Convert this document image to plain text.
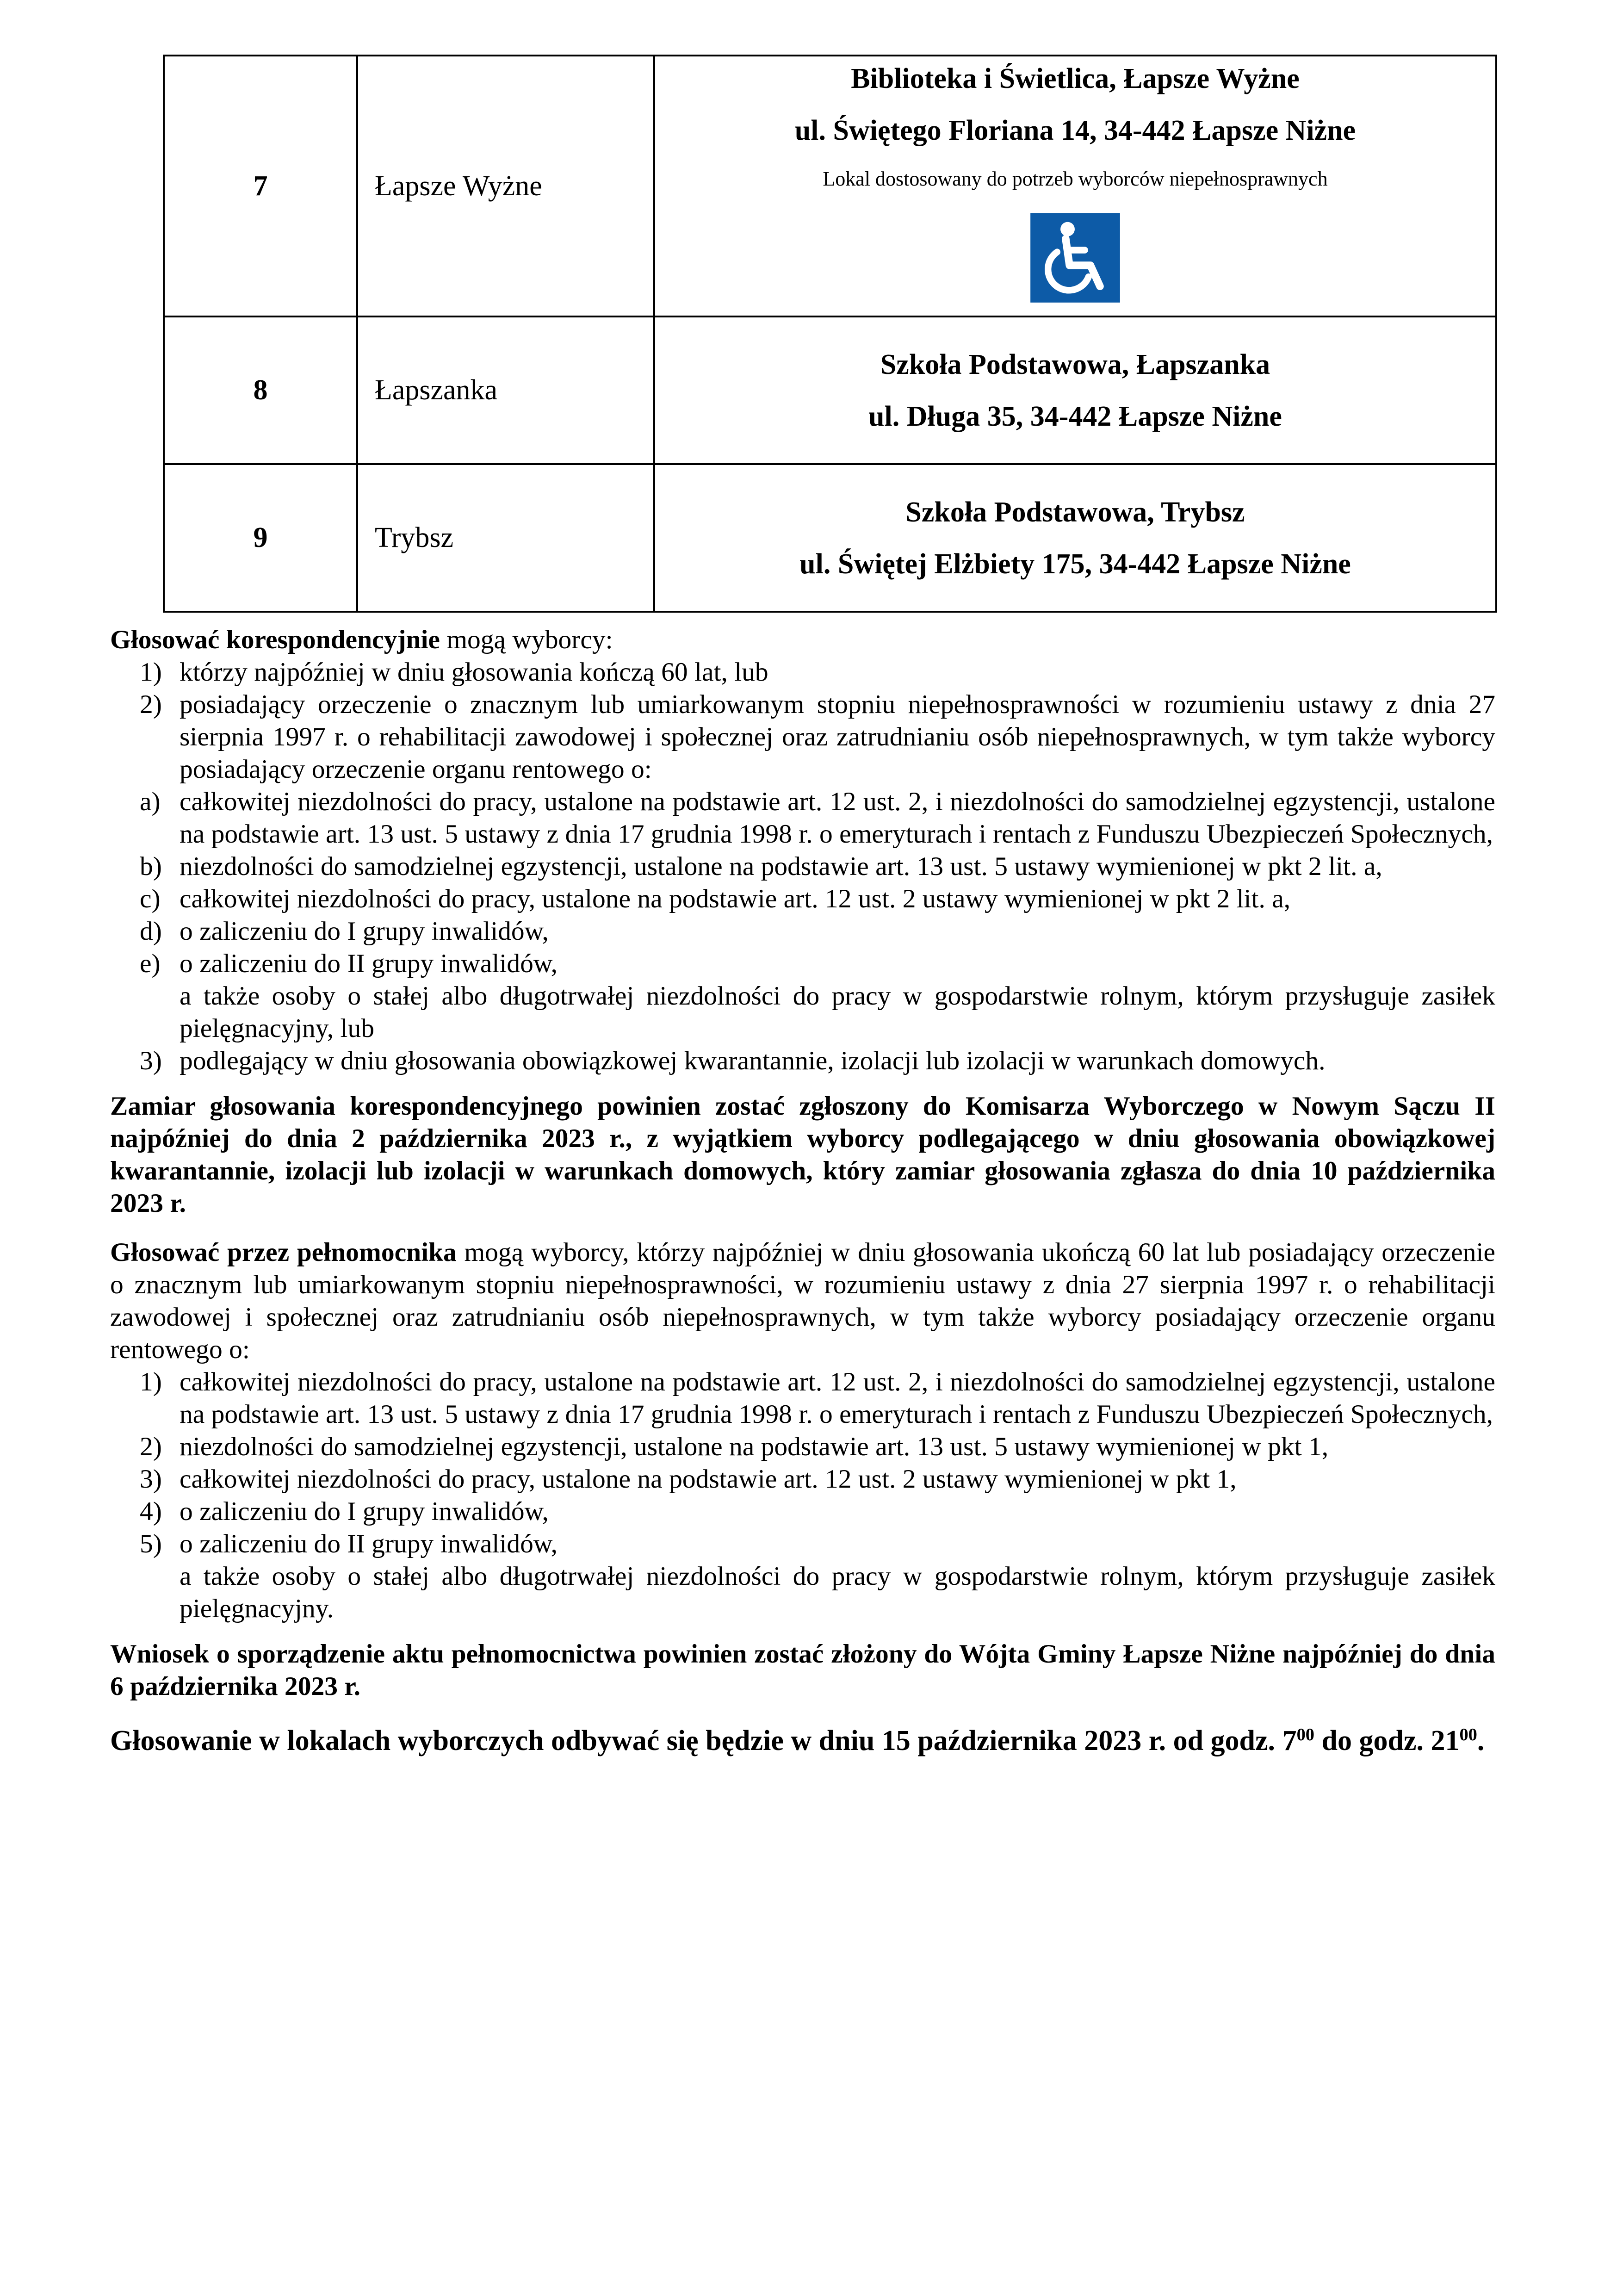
7	Łapsze Wyżne	Biblioteka i Świetlica, Łapsze Wyżne
ul. Świętego Floriana 14, 34-442 Łapsze Niżne
Lokal dostosowany do potrzeb wyborców niepełnosprawnych

8	Łapszanka	Szkoła Podstawowa, Łapszanka
ul. Długa 35, 34-442 Łapsze Niżne

9	Trybsz	Szkoła Podstawowa, Trybsz
ul. Świętej Elżbiety 175, 34-442 Łapsze Niżne

Głosować korespondencyjnie mogą wyborcy:

1) którzy najpóźniej w dniu głosowania kończą 60 lat, lub
2) posiadający orzeczenie o znacznym lub umiarkowanym stopniu niepełnosprawności w rozumieniu ustawy z dnia 27 sierpnia 1997 r. o rehabilitacji zawodowej i społecznej oraz zatrudnianiu osób niepełnosprawnych, w tym także wyborcy posiadający orzeczenie organu rentowego o:
a) całkowitej niezdolności do pracy, ustalone na podstawie art. 12 ust. 2, i niezdolności do samodzielnej egzystencji, ustalone na podstawie art. 13 ust. 5 ustawy z dnia 17 grudnia 1998 r. o emeryturach i rentach z Funduszu Ubezpieczeń Społecznych,
b) niezdolności do samodzielnej egzystencji, ustalone na podstawie art. 13 ust. 5 ustawy wymienionej w pkt 2 lit. a,
c) całkowitej niezdolności do pracy, ustalone na podstawie art. 12 ust. 2 ustawy wymienionej w pkt 2 lit. a,
d) o zaliczeniu do I grupy inwalidów,
e) o zaliczeniu do II grupy inwalidów,
a także osoby o stałej albo długotrwałej niezdolności do pracy w gospodarstwie rolnym, którym przysługuje zasiłek pielęgnacyjny, lub
3) podlegający w dniu głosowania obowiązkowej kwarantannie, izolacji lub izolacji w warunkach domowych.

Zamiar głosowania korespondencyjnego powinien zostać zgłoszony do Komisarza Wyborczego w Nowym Sączu II najpóźniej do dnia 2 października 2023 r., z wyjątkiem wyborcy podlegającego w dniu głosowania obowiązkowej kwarantannie, izolacji lub izolacji w warunkach domowych, który zamiar głosowania zgłasza do dnia 10 października 2023 r.

Głosować przez pełnomocnika mogą wyborcy, którzy najpóźniej w dniu głosowania ukończą 60 lat lub posiadający orzeczenie o znacznym lub umiarkowanym stopniu niepełnosprawności, w rozumieniu ustawy z dnia 27 sierpnia 1997 r. o rehabilitacji zawodowej i społecznej oraz zatrudnianiu osób niepełnosprawnych, w tym także wyborcy posiadający orzeczenie organu rentowego o:

1) całkowitej niezdolności do pracy, ustalone na podstawie art. 12 ust. 2, i niezdolności do samodzielnej egzystencji, ustalone na podstawie art. 13 ust. 5 ustawy z dnia 17 grudnia 1998 r. o emeryturach i rentach z Funduszu Ubezpieczeń Społecznych,
2) niezdolności do samodzielnej egzystencji, ustalone na podstawie art. 13 ust. 5 ustawy wymienionej w pkt 1,
3) całkowitej niezdolności do pracy, ustalone na podstawie art. 12 ust. 2 ustawy wymienionej w pkt 1,
4) o zaliczeniu do I grupy inwalidów,
5) o zaliczeniu do II grupy inwalidów,
a także osoby o stałej albo długotrwałej niezdolności do pracy w gospodarstwie rolnym, którym przysługuje zasiłek pielęgnacyjny.

Wniosek o sporządzenie aktu pełnomocnictwa powinien zostać złożony do Wójta Gminy Łapsze Niżne najpóźniej do dnia 6 października 2023 r.

Głosowanie w lokalach wyborczych odbywać się będzie w dniu 15 października 2023 r. od godz. $7^{00}$ do godz. $21^{00}$.
